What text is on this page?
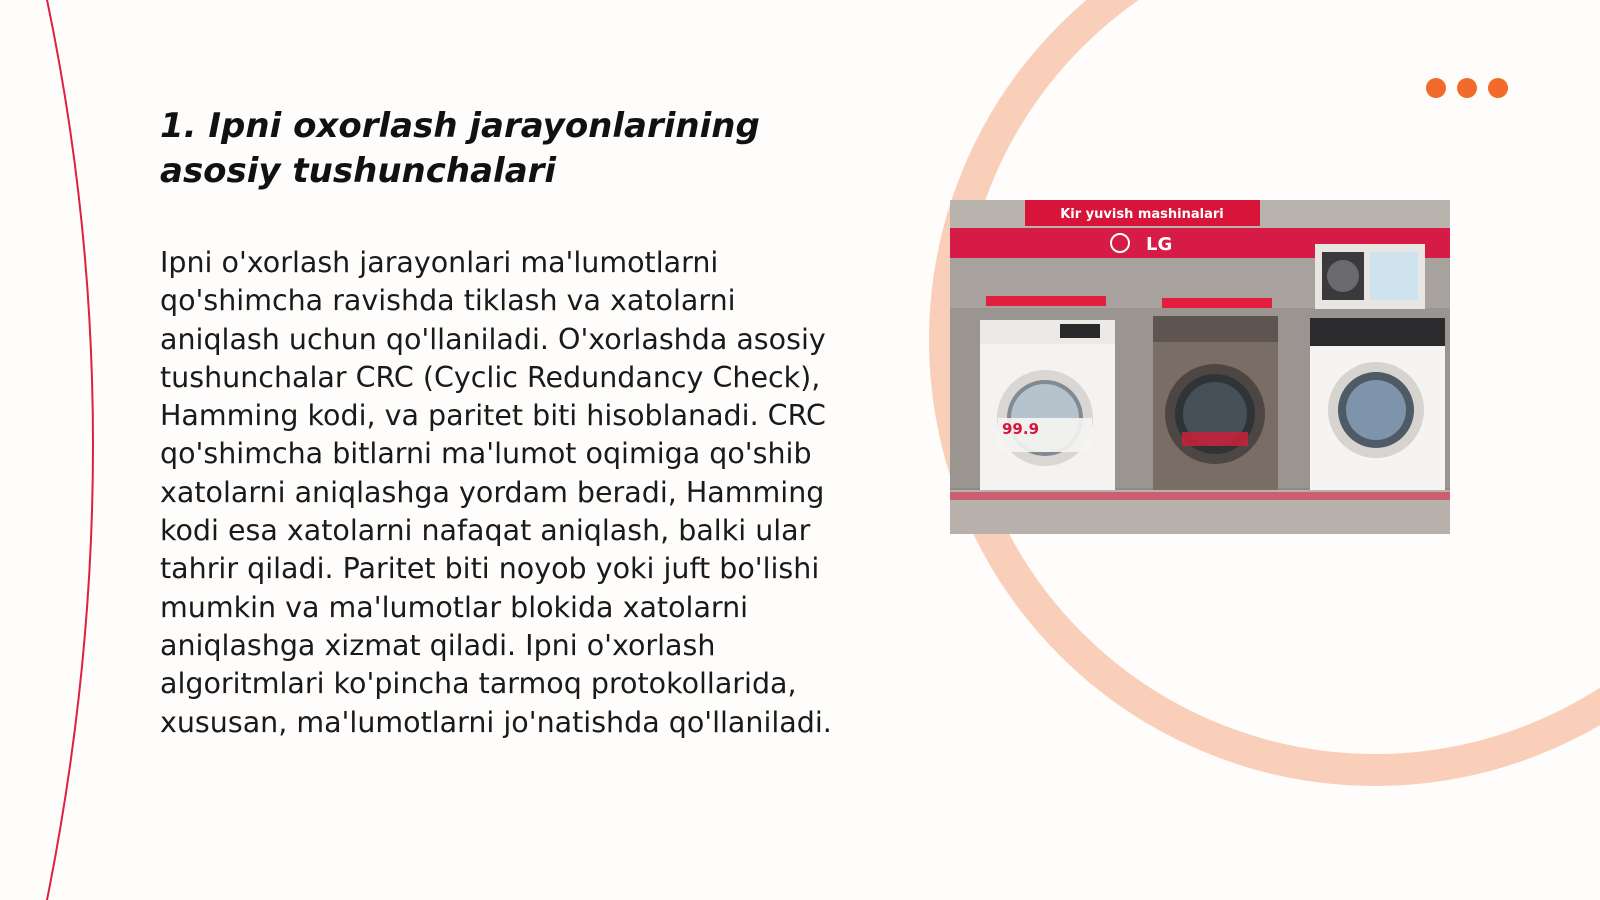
1. Ipni oxorlash jarayonlarining asosiy tushunchalari

Ipni o'xorlash jarayonlari ma'lumotlarni qo'shimcha ravishda tiklash va xatolarni aniqlash uchun qo'llaniladi. O'xorlashda asosiy tushunchalar CRC (Cyclic Redundancy Check), Hamming kodi, va paritet biti hisoblanadi. CRC qo'shimcha bitlarni ma'lumot oqimiga qo'shib xatolarni aniqlashga yordam beradi, Hamming kodi esa xatolarni nafaqat aniqlash, balki ular tahrir qiladi. Paritet biti noyob yoki juft bo'lishi mumkin va ma'lumotlar blokida xatolarni aniqlashga xizmat qiladi. Ipni o'xorlash algoritmlari ko'pincha tarmoq protokollarida, xususan, ma'lumotlarni jo'natishda qo'llaniladi.

Kir yuvish mashinalari
LG
99.9
